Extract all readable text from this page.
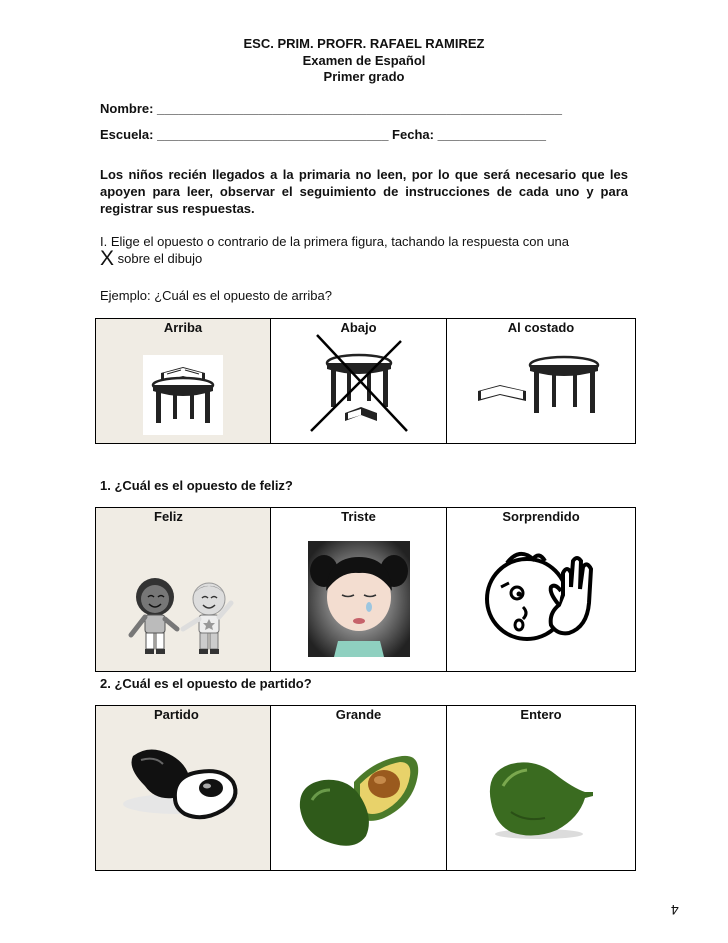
ESC. PRIM. PROFR. RAFAEL RAMIREZ
Examen de Español
Primer grado
Nombre: ________________________________________________________
Escuela: ________________________________ Fecha: _______________
Los niños recién llegados a la primaria no leen, por lo que será necesario que les apoyen para leer, observar el seguimiento de instrucciones de cada uno y para registrar sus respuestas.
I. Elige el opuesto o contrario de la primera figura, tachando la respuesta con una
X sobre el dibujo
Ejemplo: ¿Cuál es el opuesto de arriba?
Arriba	Abajo	Al costado
1. ¿Cuál es el opuesto de feliz?
Feliz	Triste	Sorprendido
2. ¿Cuál es el opuesto de partido?
Partido	Grande	Entero
4
